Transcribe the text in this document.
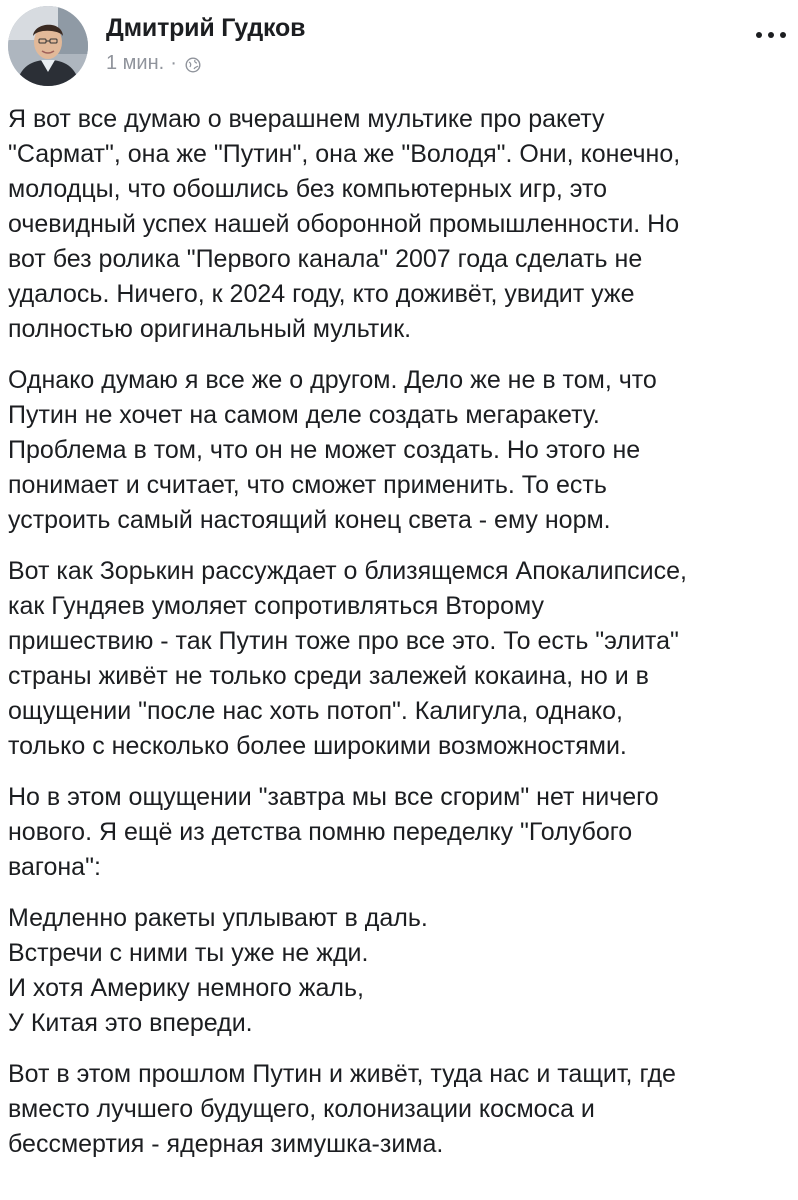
Дмитрий Гудков
1 мин. ·

Я вот все думаю о вчерашнем мультике про ракету
"Сармат", она же "Путин", она же "Володя". Они, конечно,
молодцы, что обошлись без компьютерных игр, это
очевидный успех нашей оборонной промышленности. Но
вот без ролика "Первого канала" 2007 года сделать не
удалось. Ничего, к 2024 году, кто доживёт, увидит уже
полностью оригинальный мультик.

Однако думаю я все же о другом. Дело же не в том, что
Путин не хочет на самом деле создать мегаракету.
Проблема в том, что он не может создать. Но этого не
понимает и считает, что сможет применить. То есть
устроить самый настоящий конец света - ему норм.

Вот как Зорькин рассуждает о близящемся Апокалипсисе,
как Гундяев умоляет сопротивляться Второму
пришествию - так Путин тоже про все это. То есть "элита"
страны живёт не только среди залежей кокаина, но и в
ощущении "после нас хоть потоп". Калигула, однако,
только с несколько более широкими возможностями.

Но в этом ощущении "завтра мы все сгорим" нет ничего
нового. Я ещё из детства помню переделку "Голубого
вагона":

Медленно ракеты уплывают в даль.
Встречи с ними ты уже не жди.
И хотя Америку немного жаль,
У Китая это впереди.

Вот в этом прошлом Путин и живёт, туда нас и тащит, где
вместо лучшего будущего, колонизации космоса и
бессмертия - ядерная зимушка-зима.
